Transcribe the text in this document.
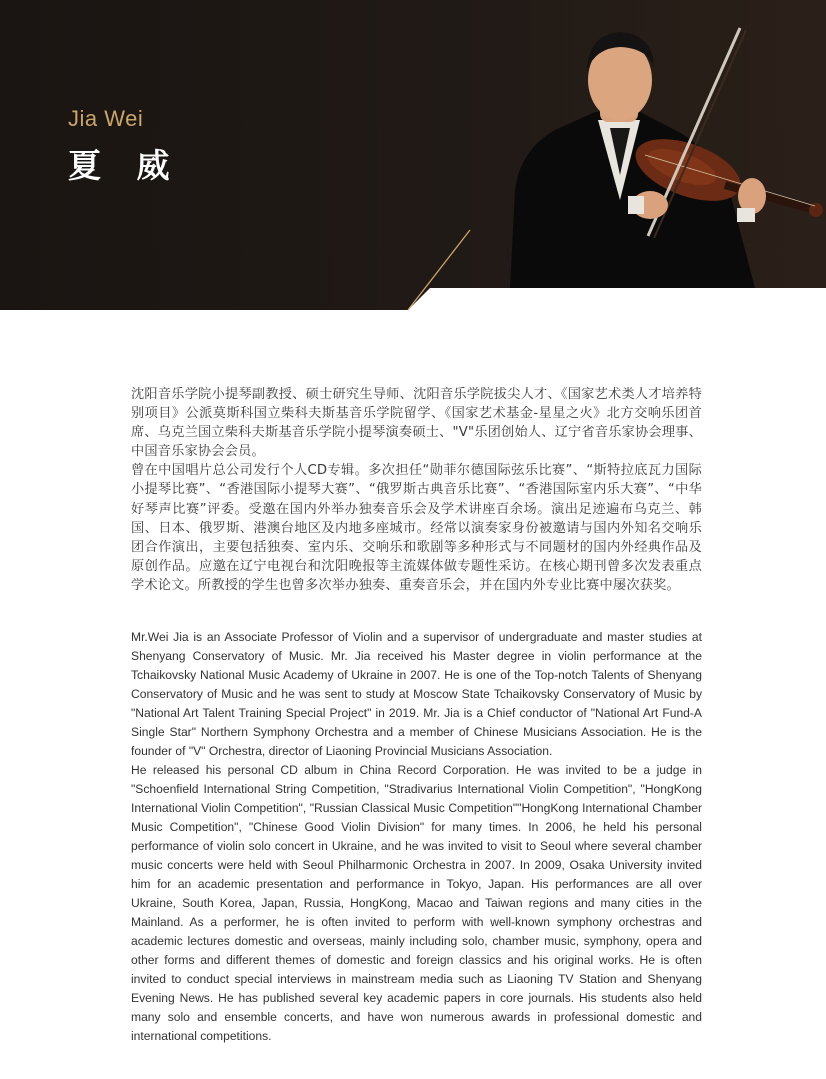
Jia Wei
夏 威

沈阳音乐学院小提琴副教授、硕士研究生导师、沈阳音乐学院拔尖人才、《国家艺术类人才培养特别项目》公派莫斯科国立柴科夫斯基音乐学院留学、《国家艺术基金-星星之火》北方交响乐团首席、乌克兰国立柴科夫斯基音乐学院小提琴演奏硕士、"V"乐团创始人、辽宁省音乐家协会理事、中国音乐家协会会员。

曾在中国唱片总公司发行个人CD专辑。多次担任“勋菲尔德国际弦乐比赛”、“斯特拉底瓦力国际小提琴比赛”、“香港国际小提琴大赛”、“俄罗斯古典音乐比赛”、“香港国际室内乐大赛”、“中华好琴声比赛”评委。受邀在国内外举办独奏音乐会及学术讲座百余场。演出足迹遍布乌克兰、韩国、日本、俄罗斯、港澳台地区及内地多座城市。经常以演奏家身份被邀请与国内外知名交响乐团合作演出，主要包括独奏、室内乐、交响乐和歌剧等多种形式与不同题材的国内外经典作品及原创作品。应邀在辽宁电视台和沈阳晚报等主流媒体做专题性采访。在核心期刊曾多次发表重点学术论文。所教授的学生也曾多次举办独奏、重奏音乐会，并在国内外专业比赛中屡次获奖。

Mr.Wei Jia is an Associate Professor of Violin and a supervisor of undergraduate and master studies at Shenyang Conservatory of Music. Mr. Jia received his Master degree in violin performance at the Tchaikovsky National Music Academy of Ukraine in 2007. He is one of the Top-notch Talents of Shenyang Conservatory of Music and he was sent to study at Moscow State Tchaikovsky Conservatory of Music by "National Art Talent Training Special Project" in 2019. Mr. Jia is a Chief conductor of "National Art Fund-A Single Star" Northern Symphony Orchestra and a member of Chinese Musicians Association. He is the founder of "V" Orchestra, director of Liaoning Provincial Musicians Association.

He released his personal CD album in China Record Corporation. He was invited to be a judge in "Schoenfield International String Competition, "Stradivarius International Violin Competition", "HongKong International Violin Competition", "Russian Classical Music Competition""HongKong International Chamber Music Competition", "Chinese Good Violin Division" for many times. In 2006, he held his personal performance of violin solo concert in Ukraine, and he was invited to visit to Seoul where several chamber music concerts were held with Seoul Philharmonic Orchestra in 2007. In 2009, Osaka University invited him for an academic presentation and performance in Tokyo, Japan. His performances are all over Ukraine, South Korea, Japan, Russia, HongKong, Macao and Taiwan regions and many cities in the Mainland. As a performer, he is often invited to perform with well-known symphony orchestras and academic lectures domestic and overseas, mainly including solo, chamber music, symphony, opera and other forms and different themes of domestic and foreign classics and his original works. He is often invited to conduct special interviews in mainstream media such as Liaoning TV Station and Shenyang Evening News. He has published several key academic papers in core journals. His students also held many solo and ensemble concerts, and have won numerous awards in professional domestic and international competitions.
